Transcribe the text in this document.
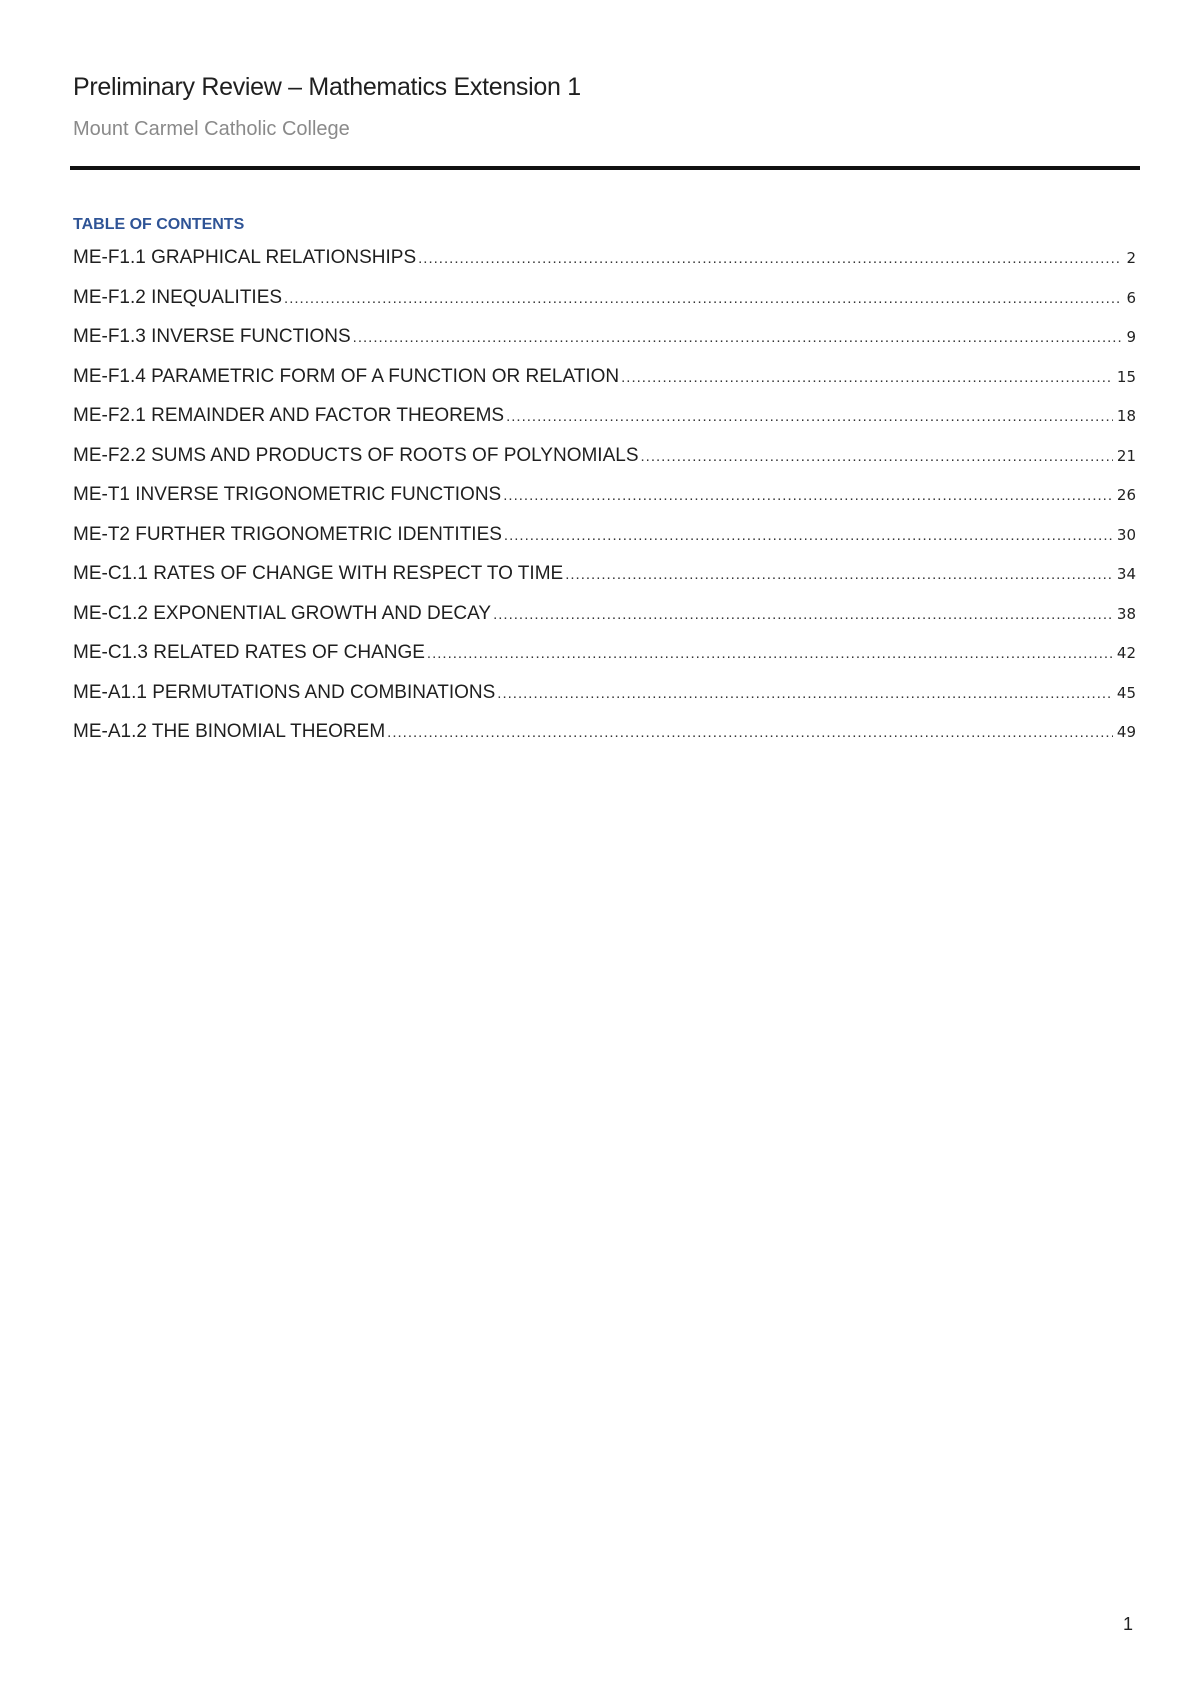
Preliminary Review – Mathematics Extension 1
Mount Carmel Catholic College
TABLE OF CONTENTS
ME-F1.1 GRAPHICAL RELATIONSHIPS .....	2
ME-F1.2 INEQUALITIES .....	6
ME-F1.3 INVERSE FUNCTIONS .....	9
ME-F1.4 PARAMETRIC FORM OF A FUNCTION OR RELATION .....	15
ME-F2.1 REMAINDER AND FACTOR THEOREMS .....	18
ME-F2.2 SUMS AND PRODUCTS OF ROOTS OF POLYNOMIALS .....	21
ME-T1 INVERSE TRIGONOMETRIC FUNCTIONS .....	26
ME-T2 FURTHER TRIGONOMETRIC IDENTITIES .....	30
ME-C1.1 RATES OF CHANGE WITH RESPECT TO TIME .....	34
ME-C1.2 EXPONENTIAL GROWTH AND DECAY .....	38
ME-C1.3 RELATED RATES OF CHANGE .....	42
ME-A1.1 PERMUTATIONS AND COMBINATIONS .....	45
ME-A1.2 THE BINOMIAL THEOREM .....	49
1
